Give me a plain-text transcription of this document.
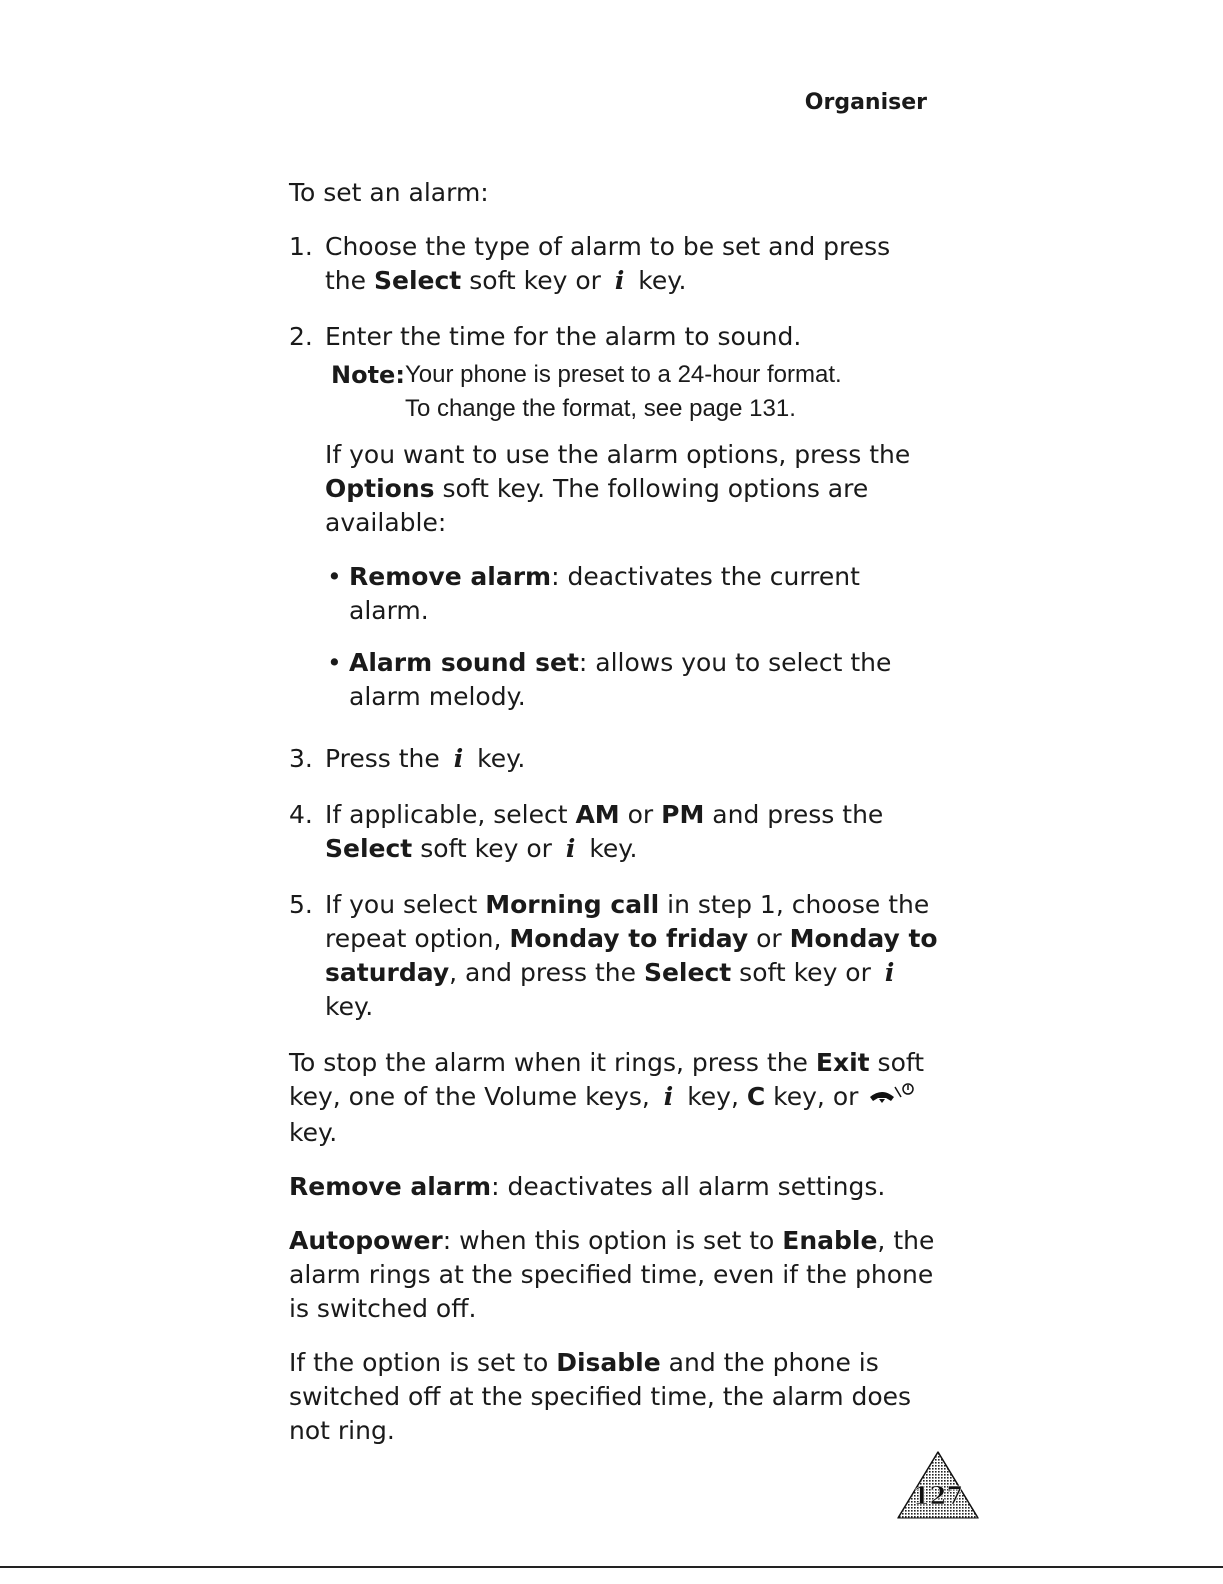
Organiser

To set an alarm:

1. Choose the type of alarm to be set and press the Select soft key or i key.
2. Enter the time for the alarm to sound.

Note: Your phone is preset to a 24-hour format.
To change the format, see page 131.

If you want to use the alarm options, press the Options soft key. The following options are available:

• Remove alarm: deactivates the current alarm.
• Alarm sound set: allows you to select the alarm melody.
3. Press the i key.
4. If applicable, select AM or PM and press the Select soft key or i key.
5. If you select Morning call in step 1, choose the repeat option, Monday to friday or Monday to saturday, and press the Select soft key or i key.

To stop the alarm when it rings, press the Exit soft key, one of the Volume keys, i key, C key, or  key.

Remove alarm: deactivates all alarm settings.

Autopower: when this option is set to Enable, the alarm rings at the specified time, even if the phone is switched off.

If the option is set to Disable and the phone is switched off at the specified time, the alarm does not ring.

127
